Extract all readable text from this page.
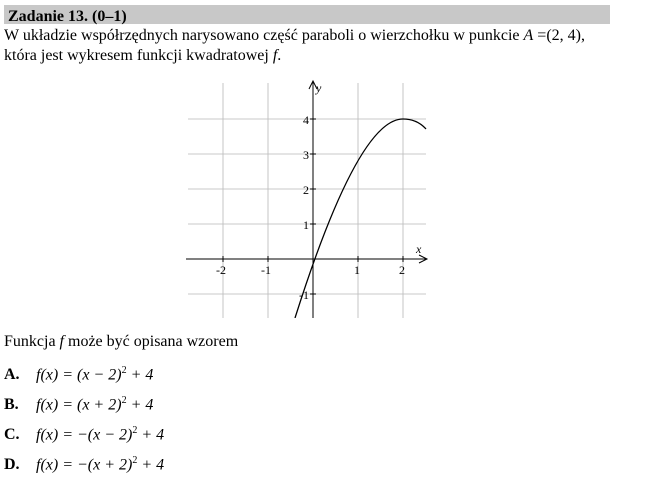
Zadanie 13. (0–1)
W układzie współrzędnych narysowano część paraboli o wierzchołku w punkcie A =(2, 4),
która jest wykresem funkcji kwadratowej f.
x
y
-2	-1	1	2
4
3
2
1
-1
Funkcja f może być opisana wzorem
A.	$f(x) = (x - 2)^2 + 4$
B.	$f(x) = (x + 2)^2 + 4$
C.	$f(x) = -(x - 2)^2 + 4$
D.	$f(x) = -(x + 2)^2 + 4$
